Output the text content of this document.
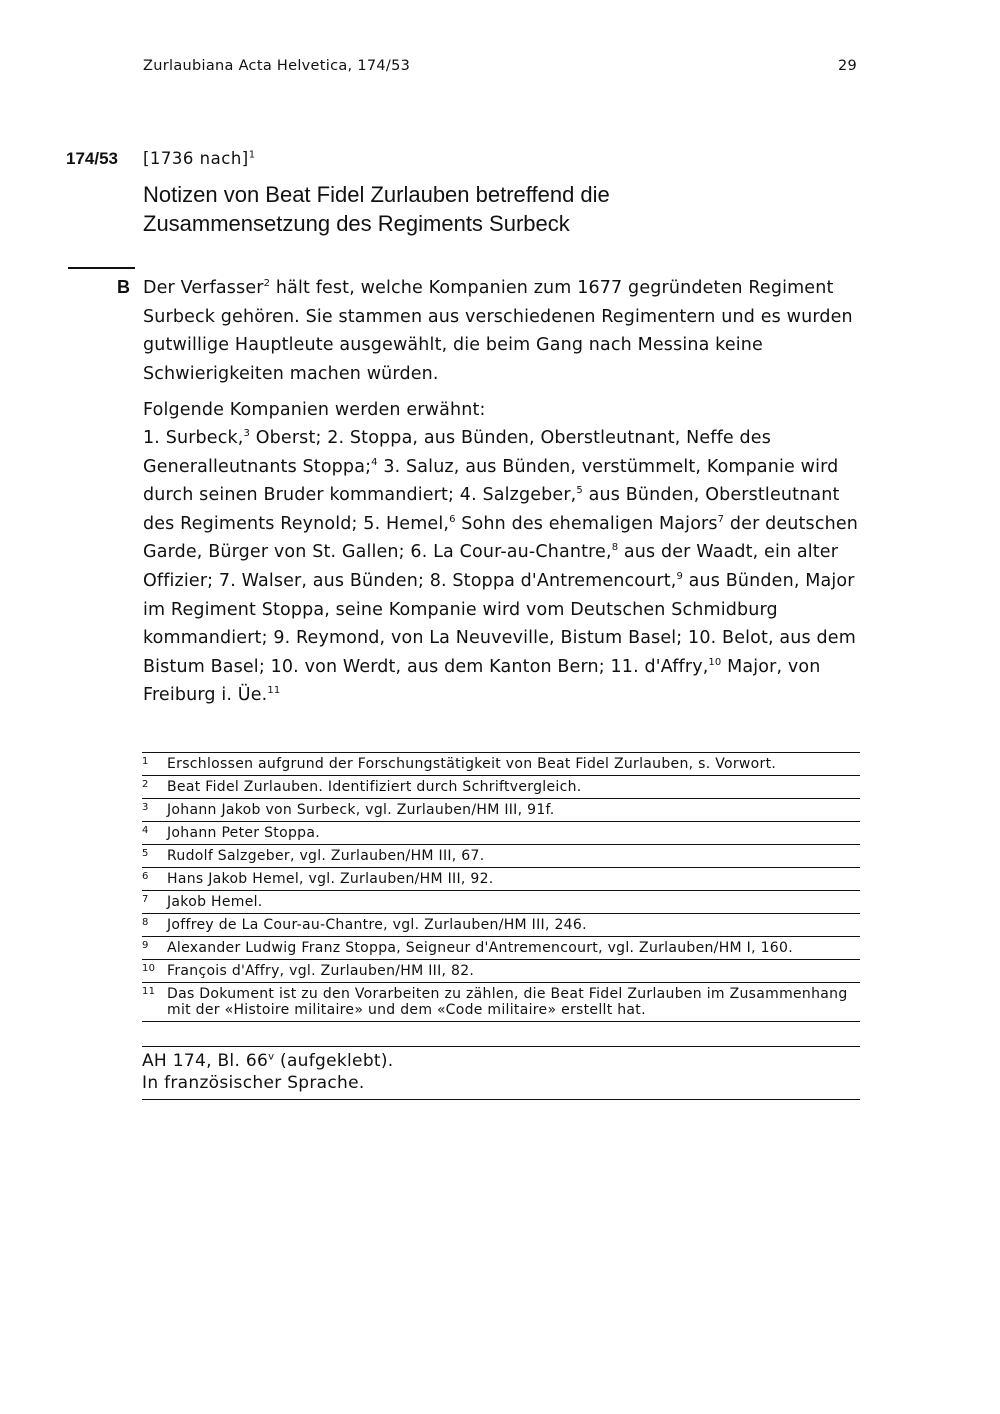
Zurlaubiana Acta Helvetica, 174/53	29
174/53 [1736 nach]$^1$
Notizen von Beat Fidel Zurlauben betreffend die
Zusammensetzung des Regiments Surbeck
B Der Verfasser$^2$ hält fest, welche Kompanien zum 1677 gegründeten Regiment Surbeck gehören. Sie stammen aus verschiedenen Regimentern und es wurden gutwillige Hauptleute ausgewählt, die beim Gang nach Messina keine Schwierigkeiten machen würden.
Folgende Kompanien werden erwähnt:
1. Surbeck,$^3$ Oberst; 2. Stoppa, aus Bünden, Oberstleutnant, Neffe des Generalleutnants Stoppa;$^4$ 3. Saluz, aus Bünden, verstümmelt, Kompanie wird durch seinen Bruder kommandiert; 4. Salzgeber,$^5$ aus Bünden, Oberstleutnant des Regiments Reynold; 5. Hemel,$^6$ Sohn des ehemaligen Majors$^7$ der deutschen Garde, Bürger von St. Gallen; 6. La Cour-au-Chantre,$^8$ aus der Waadt, ein alter Offizier; 7. Walser, aus Bünden; 8. Stoppa d'Antremencourt,$^9$ aus Bünden, Major im Regiment Stoppa, seine Kompanie wird vom Deutschen Schmidburg kommandiert; 9. Reymond, von La Neuveville, Bistum Basel; 10. Belot, aus dem Bistum Basel; 10. von Werdt, aus dem Kanton Bern; 11. d'Affry,$^{10}$ Major, von Freiburg i. Üe.$^{11}$
1 Erschlossen aufgrund der Forschungstätigkeit von Beat Fidel Zurlauben, s. Vorwort.
2 Beat Fidel Zurlauben. Identifiziert durch Schriftvergleich.
3 Johann Jakob von Surbeck, vgl. Zurlauben/HM III, 91f.
4 Johann Peter Stoppa.
5 Rudolf Salzgeber, vgl. Zurlauben/HM III, 67.
6 Hans Jakob Hemel, vgl. Zurlauben/HM III, 92.
7 Jakob Hemel.
8 Joffrey de La Cour-au-Chantre, vgl. Zurlauben/HM III, 246.
9 Alexander Ludwig Franz Stoppa, Seigneur d'Antremencourt, vgl. Zurlauben/HM I, 160.
10 François d'Affry, vgl. Zurlauben/HM III, 82.
11 Das Dokument ist zu den Vorarbeiten zu zählen, die Beat Fidel Zurlauben im Zusammenhang mit der «Histoire militaire» und dem «Code militaire» erstellt hat.
AH 174, Bl. 66$^v$ (aufgeklebt).
In französischer Sprache.
